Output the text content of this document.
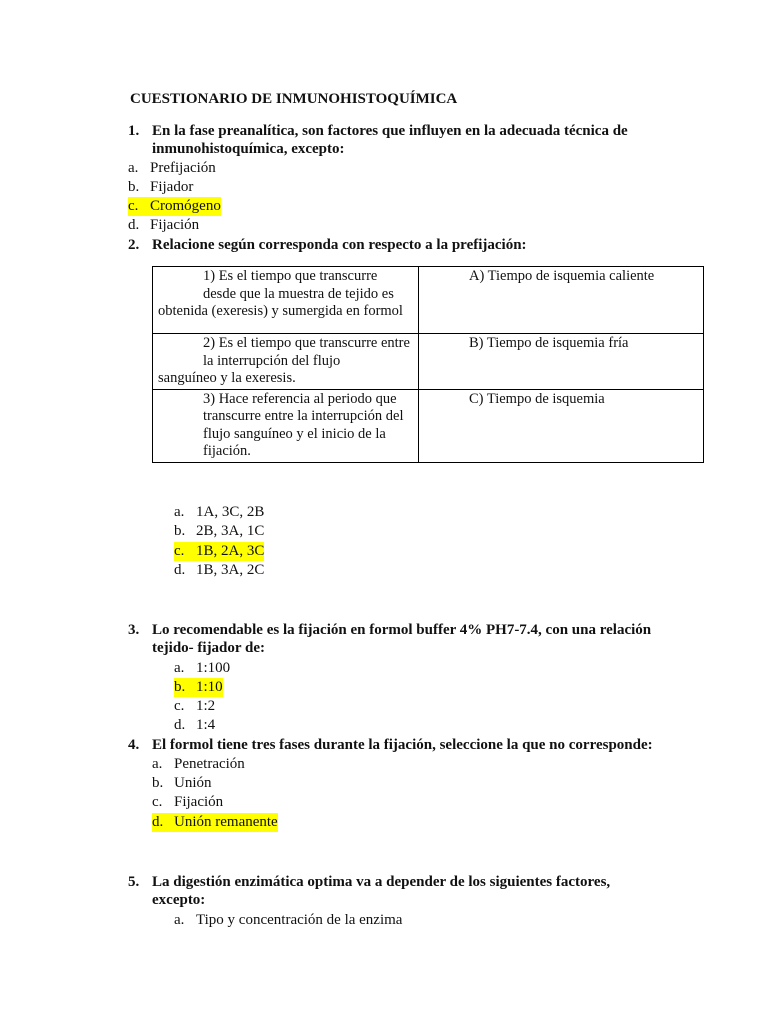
CUESTIONARIO DE INMUNOHISTOQUÍMICA
1. En la fase preanalítica, son factores que influyen en la adecuada técnica de inmunohistoquímica, excepto:
a. Prefijación
b. Fijador
c. Cromógeno
d. Fijación
2. Relacione según corresponda con respecto a la prefijación:
1) Es el tiempo que transcurre desde que la muestra de tejido esobtenida (exeresis) y sumergida en formol	A) Tiempo de isquemia caliente
2) Es el tiempo que transcurre entre la interrupción del flujosanguíneo y la exeresis.	B) Tiempo de isquemia fría
3) Hace referencia al periodo que transcurre entre la interrupción del flujo sanguíneo y el inicio de la fijación.	C) Tiempo de isquemia
a. 1A, 3C, 2B
b. 2B, 3A, 1C
c. 1B, 2A, 3C
d. 1B, 3A, 2C
3. Lo recomendable es la fijación en formol buffer 4% PH7-7.4, con una relación tejido- fijador de:
a. 1:100
b. 1:10
c. 1:2
d. 1:4
4. El formol tiene tres fases durante la fijación, seleccione la que no corresponde:
a. Penetración
b. Unión
c. Fijación
d. Unión remanente
5. La digestión enzimática optima va a depender de los siguientes factores, excepto:
a. Tipo y concentración de la enzima
